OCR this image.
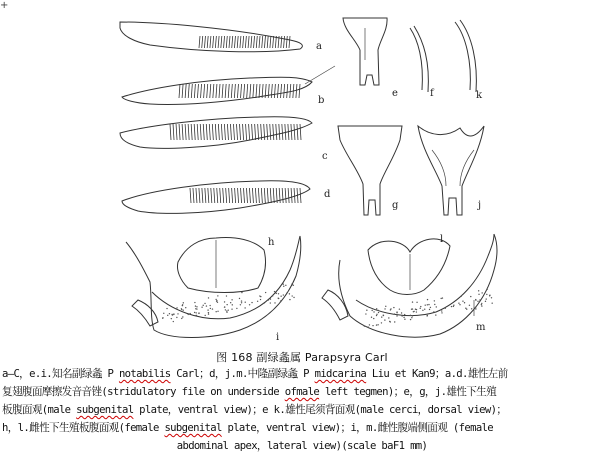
+
a
b
c
d
e	f	k
g	j
h
i
l
m
图 168 副绿螽属 Parapsyra Carl
a–C，e.i.知名副绿螽 P notabilis Carl；d，j.m.中隆副绿螽 P midcarina Liu et Kan9；a.d.雄性左前
复翅腹面摩擦发音音锉(stridulatory file on underside ofmale left tegmen)；e，g，j.雄性下生殖
板腹面观(male subgenital plate，ventral view)；e k.雄性尾须背面观(male cerci，dorsal view)；
h，l.雌性下生殖板腹面观(female subgenital plate，ventral view)；i，m.雌性腹端侧面观 (female
abdominal apex，lateral view)(scale baF1 mm)
